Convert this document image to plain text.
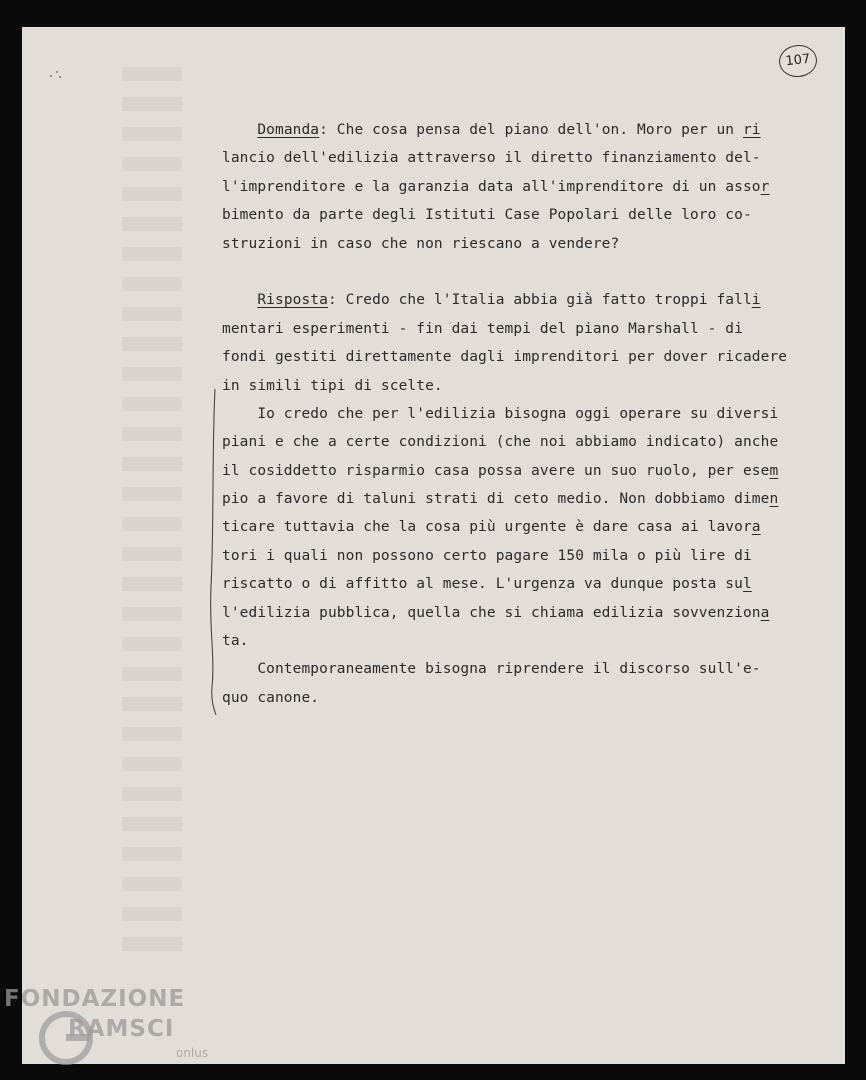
107
Domanda: Che cosa pensa del piano dell'on. Moro per un ri
lancio dell'edilizia attraverso il diretto finanziamento del-
l'imprenditore e la garanzia data all'imprenditore di un assor
bimento da parte degli Istituti Case Popolari delle loro co-
struzioni in caso che non riescano a vendere?
Risposta: Credo che l'Italia abbia già fatto troppi falli
mentari esperimenti - fin dai tempi del piano Marshall - di
fondi gestiti direttamente dagli imprenditori per dover ricadere
in simili tipi di scelte.
Io credo che per l'edilizia bisogna oggi operare su diversi
piani e che a certe condizioni (che noi abbiamo indicato) anche
il cosiddetto risparmio casa possa avere un suo ruolo, per esem
pio a favore di taluni strati di ceto medio. Non dobbiamo dimen
ticare tuttavia che la cosa più urgente è dare casa ai lavora
tori i quali non possono certo pagare 150 mila o più lire di
riscatto o di affitto al mese. L'urgenza va dunque posta sul
l'edilizia pubblica, quella che si chiama edilizia sovvenziona
ta.
Contemporaneamente bisogna riprendere il discorso sull'e-
quo canone.
FONDAZIONE
RAMSCI
onlus
